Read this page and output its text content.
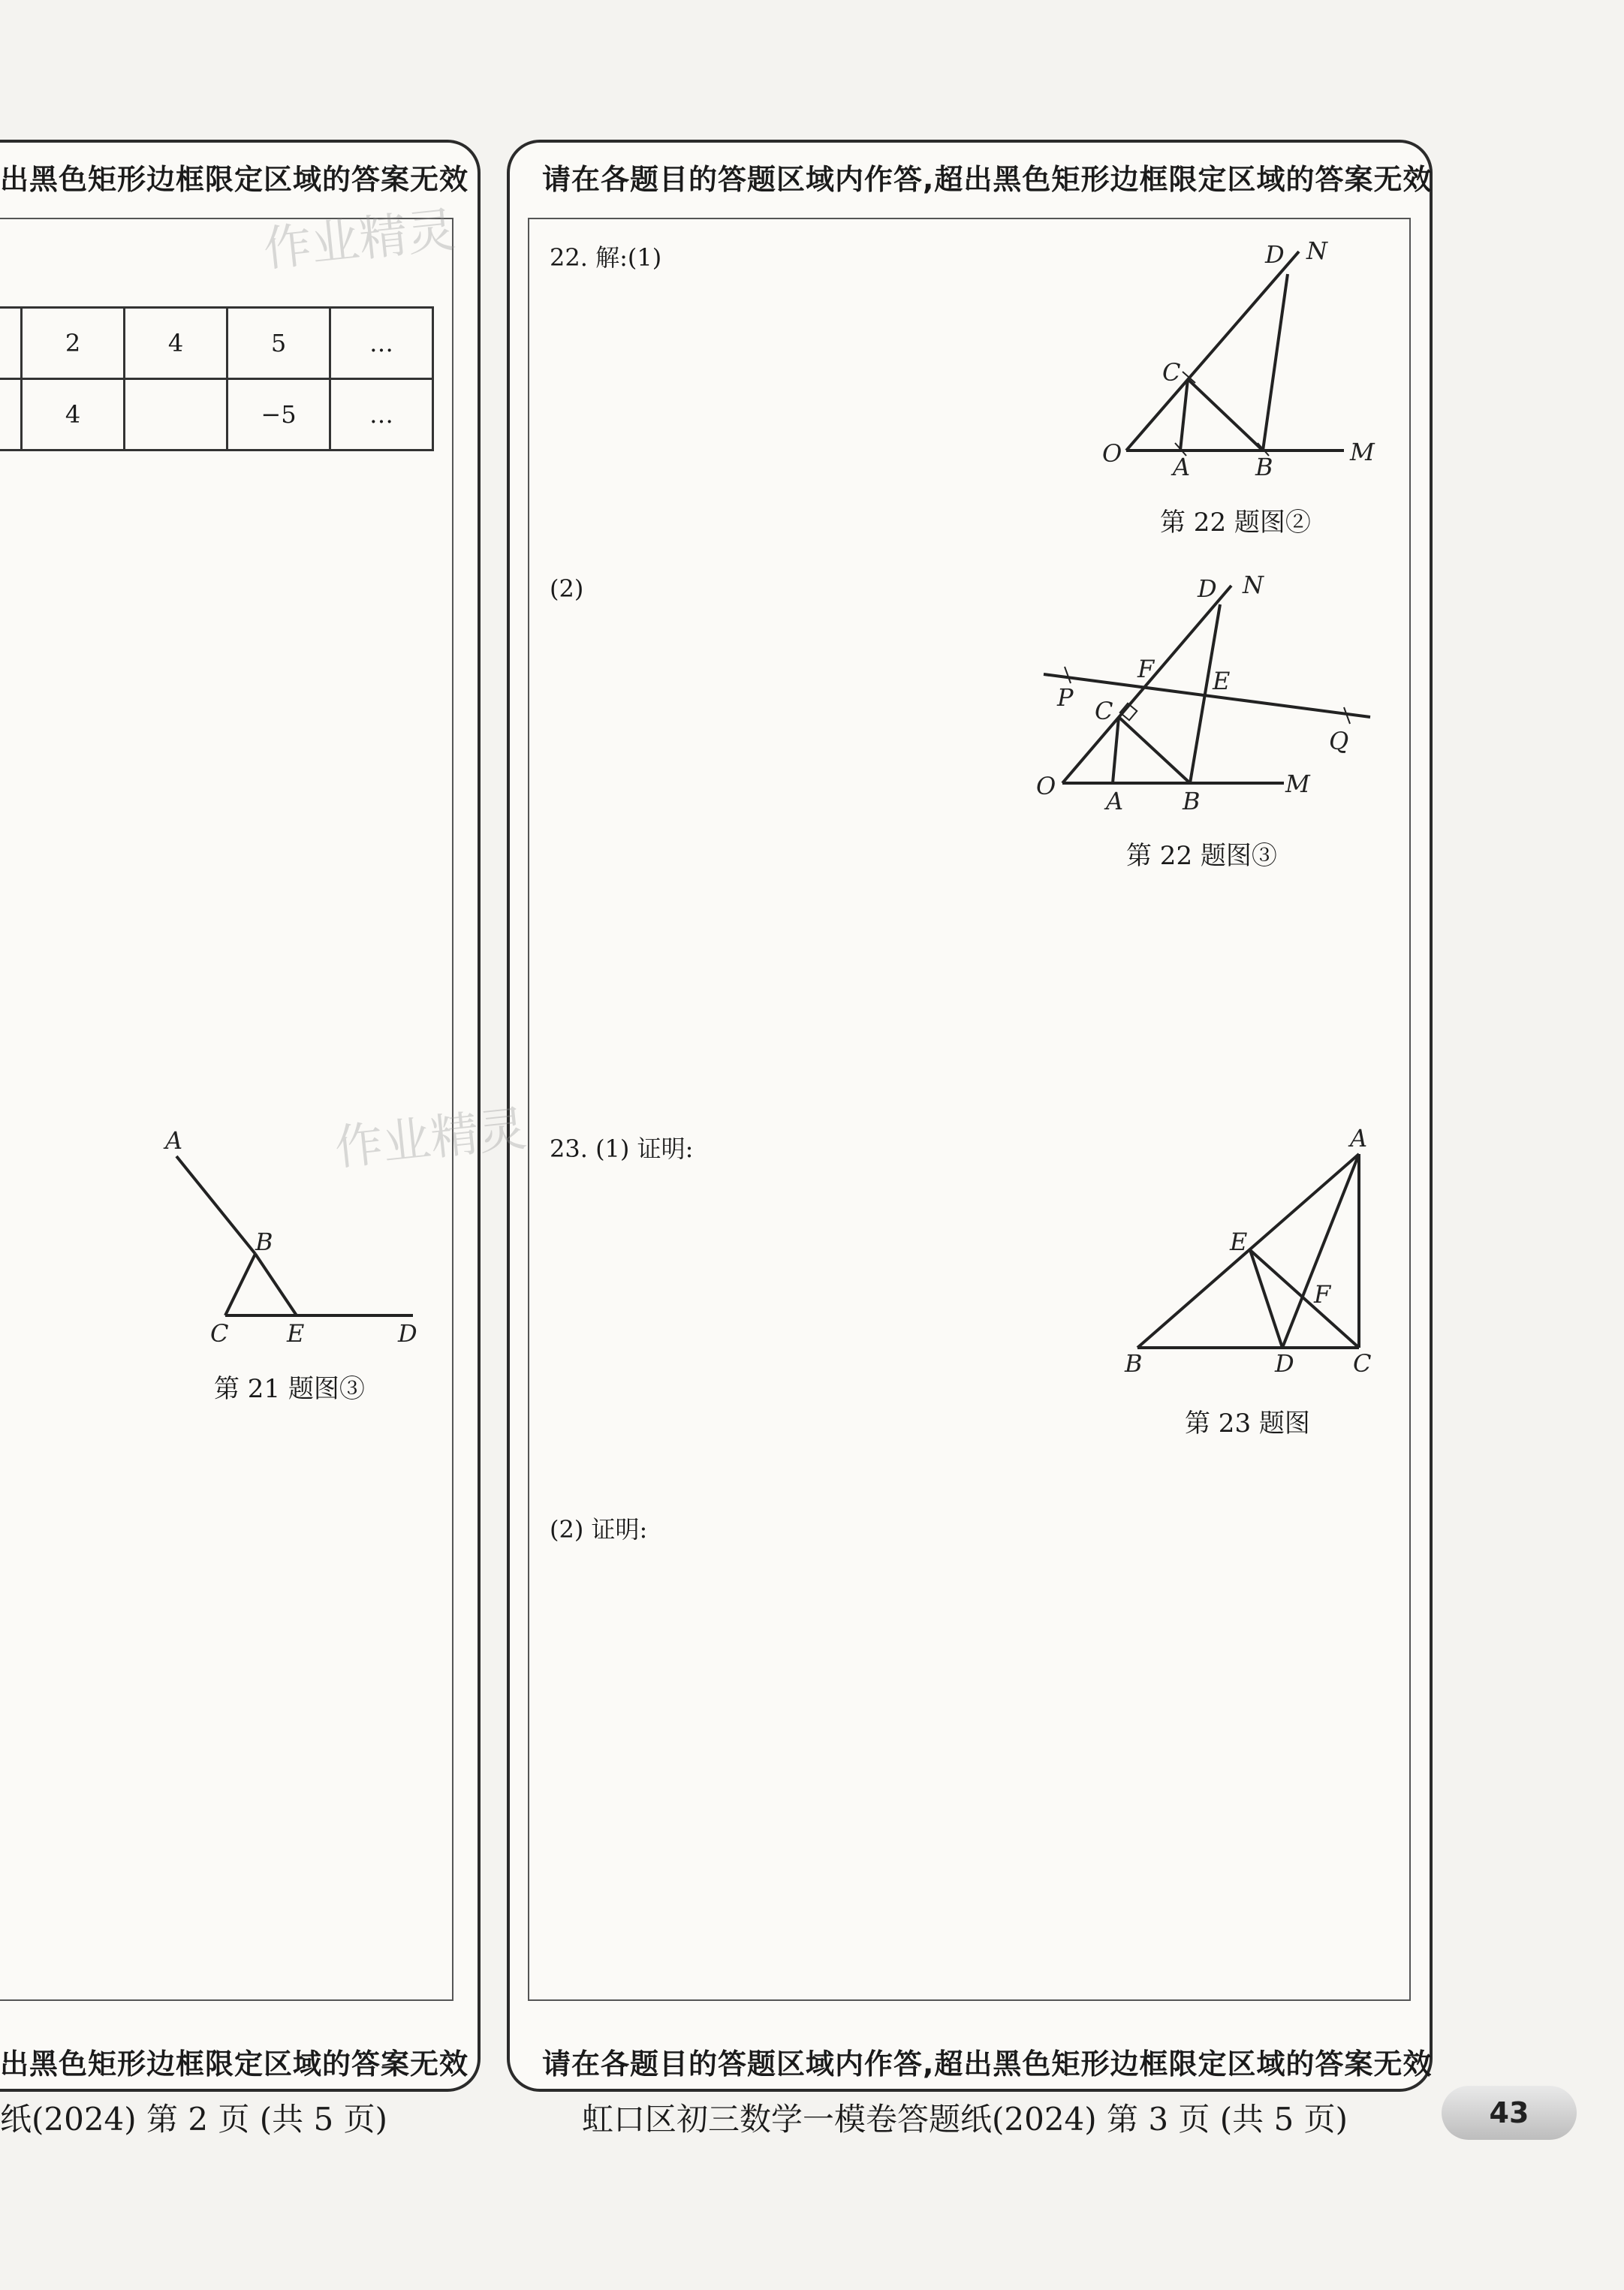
出黑色矩形边框限定区域的答案无效
出黑色矩形边框限定区域的答案无效
	2	4	5	…
	4		−5	…
A
B
C E	D
第 21 题图③
纸(2024) 第 2 页 (共 5 页)
请在各题目的答题区域内作答,超出黑色矩形边框限定区域的答案无效
请在各题目的答题区域内作答,超出黑色矩形边框限定区域的答案无效
22. 解:(1)
(2)
23. (1) 证明:
(2) 证明:
D N
C
O A	B
M
第 22 题图②
D N
F E
P C
Q
O
A B
M
第 22 题图③
A
E
F
B	D C
第 23 题图
虹口区初三数学一模卷答题纸(2024) 第 3 页 (共 5 页)	43
作业精灵
作业精灵
